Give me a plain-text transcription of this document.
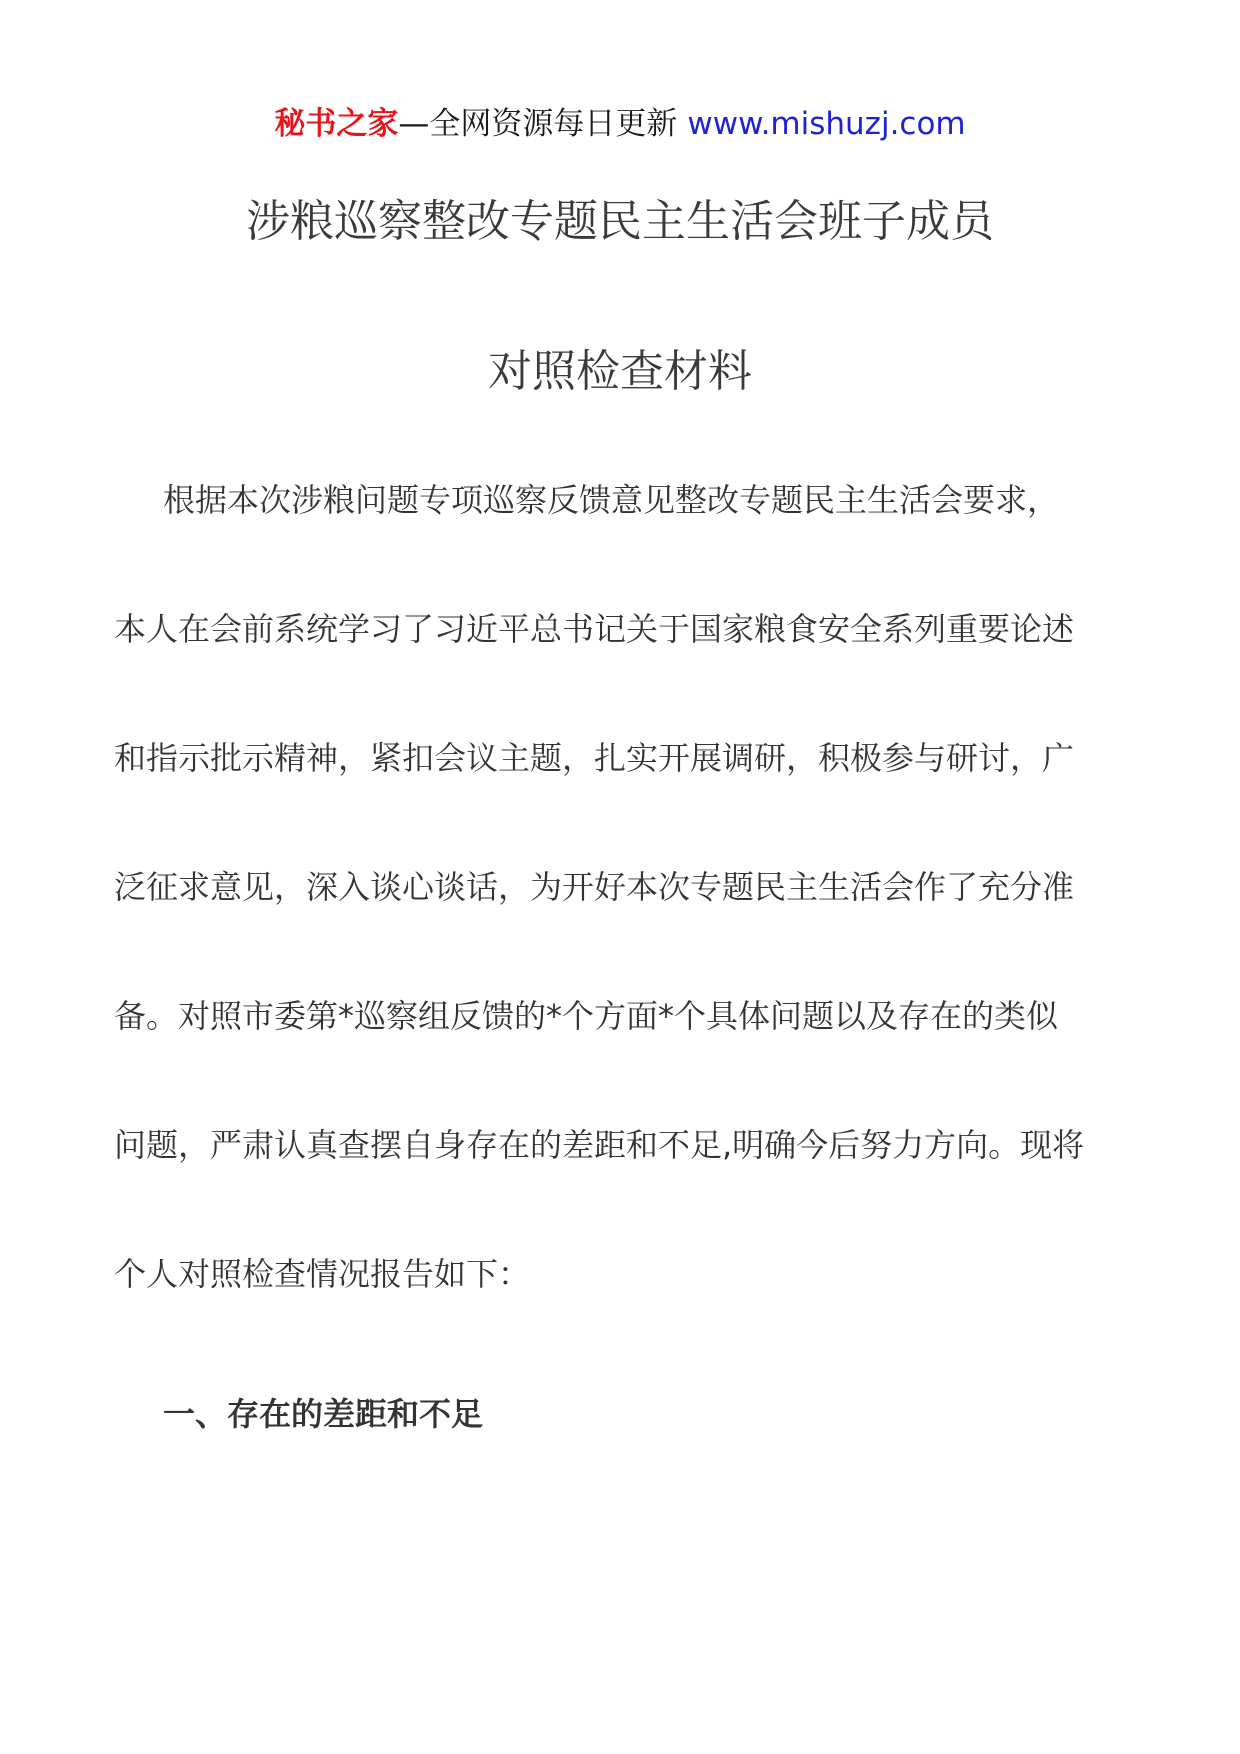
秘书之家—全网资源每日更新 www.mishuzj.com
涉粮巡察整改专题民主生活会班子成员
对照检查材料
根据本次涉粮问题专项巡察反馈意见整改专题民主生活会要求，
本人在会前系统学习了习近平总书记关于国家粮食安全系列重要论述
和指示批示精神，紧扣会议主题，扎实开展调研，积极参与研讨，广
泛征求意见，深入谈心谈话，为开好本次专题民主生活会作了充分准
备。对照市委第*巡察组反馈的*个方面*个具体问题以及存在的类似
问题，严肃认真查摆自身存在的差距和不足,明确今后努力方向。现将
个人对照检查情况报告如下：
一、存在的差距和不足
